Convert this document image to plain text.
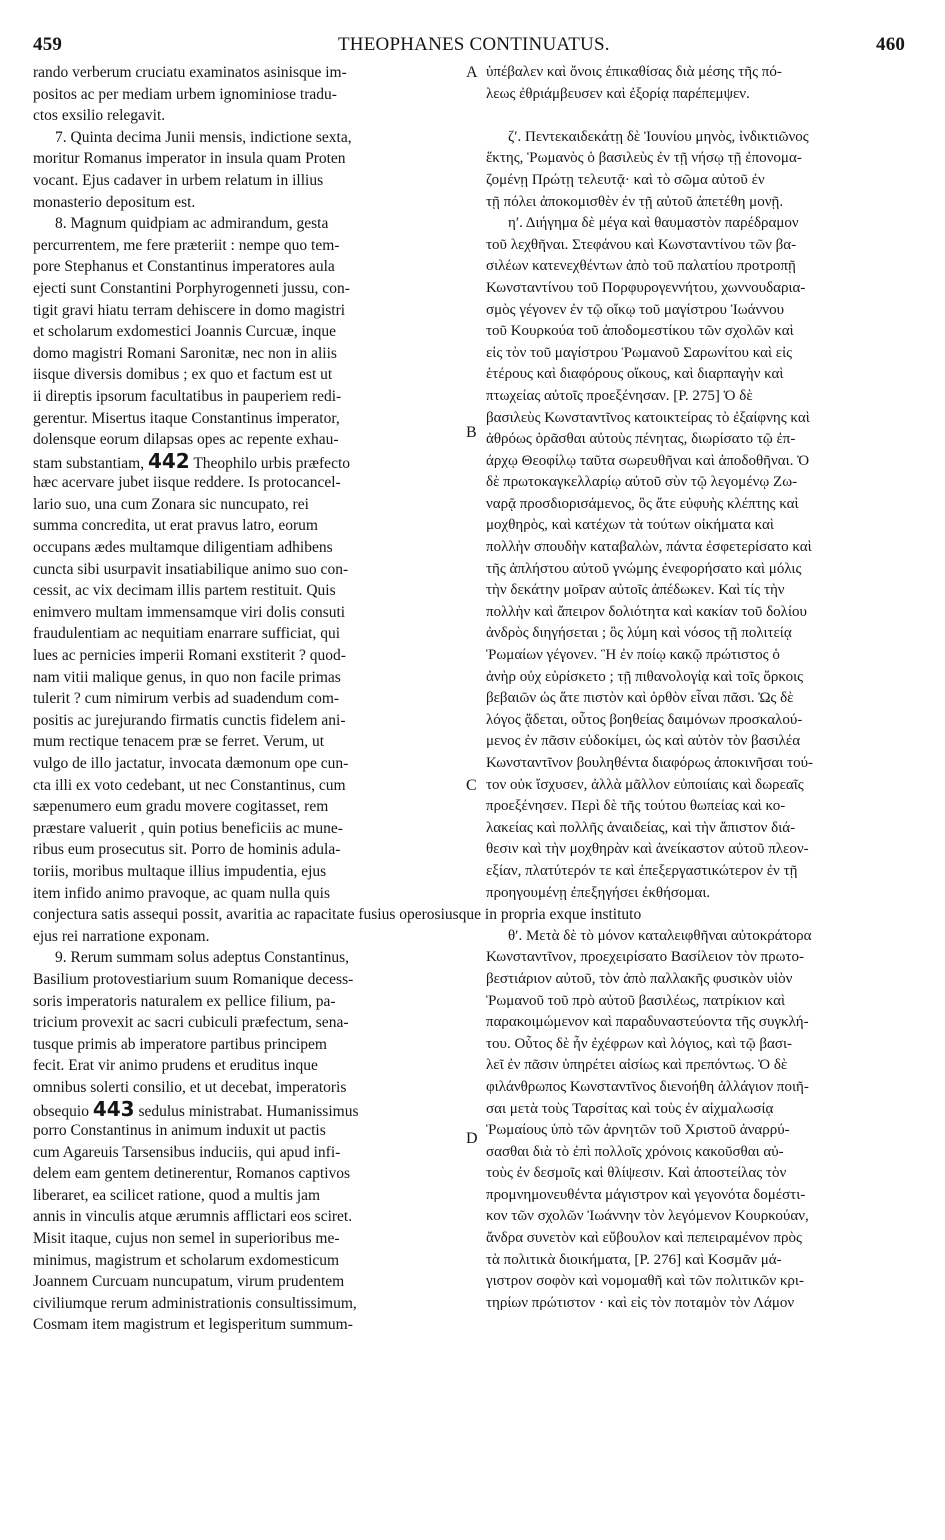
459	THEOPHANES CONTINUATUS.	460
A
B
C
D
rando verberum cruciatu examinatos asinisque im-
positos ac per mediam urbem ignominiose tradu-
ctos exsilio relegavit.
7. Quinta decima Junii mensis, indictione sexta,
moritur Romanus imperator in insula quam Proten
vocant. Ejus cadaver in urbem relatum in illius
monasterio depositum est.
8. Magnum quidpiam ac admirandum, gesta
percurrentem, me fere præteriit : nempe quo tem-
pore Stephanus et Constantinus imperatores aula
ejecti sunt Constantini Porphyrogenneti jussu, con-
tigit gravi hiatu terram dehiscere in domo magistri
et scholarum exdomestici Joannis Curcuæ, inque
domo magistri Romani Saronitæ, nec non in aliis
iisque diversis domibus ; ex quo et factum est ut
ii direptis ipsorum facultatibus in pauperiem redi-
gerentur. Misertus itaque Constantinus imperator,
dolensque eorum dilapsas opes ac repente exhau-
stam substantiam, 442 Theophilo urbis præfecto
hæc acervare jubet iisque reddere. Is protocancel-
lario suo, una cum Zonara sic nuncupato, rei
summa concredita, ut erat pravus latro, eorum
occupans ædes multamque diligentiam adhibens
cuncta sibi usurpavit insatiabilique animo suo con-
cessit, ac vix decimam illis partem restituit. Quis
enimvero multam immensamque viri dolis consuti
fraudulentiam ac nequitiam enarrare sufficiat, qui
lues ac pernicies imperii Romani exstiterit ? quod-
nam vitii malique genus, in quo non facile primas
tulerit ? cum nimirum verbis ad suadendum com-
positis ac jurejurando firmatis cunctis fidelem ani-
mum rectique tenacem præ se ferret. Verum, ut
vulgo de illo jactatur, invocata dæmonum ope cun-
cta illi ex voto cedebant, ut nec Constantinus, cum
sæpenumero eum gradu movere cogitasset, rem
præstare valuerit , quin potius beneficiis ac mune-
ribus eum prosecutus sit. Porro de hominis adula-
toriis, moribus multaque illius impudentia, ejus
item infido animo pravoque, ac quam nulla quis
conjectura satis assequi possit, avaritia ac rapacitate fusius operosiusque in propria exque instituto
ejus rei narratione exponam.
9. Rerum summam solus adeptus Constantinus,
Basilium protovestiarium suum Romanique decess-
soris imperatoris naturalem ex pellice filium, pa-
tricium provexit ac sacri cubiculi præfectum, sena-
tusque primis ab imperatore partibus principem
fecit. Erat vir animo prudens et eruditus inque
omnibus solerti consilio, et ut decebat, imperatoris
obsequio 443 sedulus ministrabat. Humanissimus
porro Constantinus in animum induxit ut pactis
cum Agareuis Tarsensibus induciis, qui apud infi-
delem eam gentem detinerentur, Romanos captivos
liberaret, ea scilicet ratione, quod a multis jam
annis in vinculis atque ærumnis afflictari eos sciret.
Misit itaque, cujus non semel in superioribus me-
minimus, magistrum et scholarum exdomesticum
Joannem Curcuam nuncupatum, virum prudentem
civiliumque rerum administrationis consultissimum,
Cosmam item magistrum et legisperitum summum-
ὑπέβαλεν καὶ ὄνοις ἐπικαθίσας διὰ μέσης τῆς πό-
λεως ἐθριάμβευσεν καὶ ἐξορίᾳ παρέπεμψεν.
ζʹ. Πεντεκαιδεκάτῃ δὲ Ἰουνίου μηνὸς, ἰνδικτιῶνος
ἕκτης, Ῥωμανὸς ὁ βασιλεὺς ἐν τῇ νήσῳ τῇ ἐπονομα-
ζομένῃ Πρώτῃ τελευτᾷ· καὶ τὸ σῶμα αὐτοῦ ἐν
τῇ πόλει ἀποκομισθὲν ἐν τῇ αὐτοῦ ἀπετέθη μονῇ.
ηʹ. Διήγημα δὲ μέγα καὶ θαυμαστὸν παρέδραμον
τοῦ λεχθῆναι. Στεφάνου καὶ Κωνσταντίνου τῶν βα-
σιλέων κατενεχθέντων ἀπὸ τοῦ παλατίου προτροπῇ
Κωνσταντίνου τοῦ Πορφυρογεννήτου, χωννουδαρια-
σμὸς γέγονεν ἐν τῷ οἴκῳ τοῦ μαγίστρου Ἰωάννου
τοῦ Κουρκούα τοῦ ἀποδομεστίκου τῶν σχολῶν καὶ
εἰς τὸν τοῦ μαγίστρου Ῥωμανοῦ Σαρωνίτου καὶ εἰς
ἑτέρους καὶ διαφόρους οἴκους, καὶ διαρπαγὴν καὶ
πτωχείας αὐτοῖς προεξένησαν. [P. 275] Ὁ δὲ
βασιλεὺς Κωνσταντῖνος κατοικτείρας τὸ ἐξαίφνης καὶ
ἀθρόως ὁρᾶσθαι αὐτοὺς πένητας, διωρίσατο τῷ ἐπ-
άρχῳ Θεοφίλῳ ταῦτα σωρευθῆναι καὶ ἀποδοθῆναι. Ὁ
δὲ πρωτοκαγκελλαρίῳ αὐτοῦ σὺν τῷ λεγομένῳ Ζω-
ναρᾷ προσδιορισάμενος, ὃς ἄτε εὐφυὴς κλέπτης καὶ
μοχθηρὸς, καὶ κατέχων τὰ τούτων οἰκήματα καὶ
πολλὴν σπουδὴν καταβαλὼν, πάντα ἐσφετερίσατο καὶ
τῆς ἀπλήστου αὐτοῦ γνώμης ἐνεφορήσατο καὶ μόλις
τὴν δεκάτην μοῖραν αὐτοῖς ἀπέδωκεν. Καὶ τίς τὴν
πολλὴν καὶ ἄπειρον δολιότητα καὶ κακίαν τοῦ δολίου
ἀνδρὸς διηγήσεται ; ὃς λύμη καὶ νόσος τῇ πολιτείᾳ
Ῥωμαίων γέγονεν. Ἣ ἐν ποίῳ κακῷ πρώτιστος ὁ
ἀνὴρ οὐχ εὑρίσκετο ; τῇ πιθανολογίᾳ καὶ τοῖς ὅρκοις
βεβαιῶν ὡς ἅτε πιστὸν καὶ ὀρθὸν εἶναι πᾶσι. Ὡς δὲ
λόγος ᾄδεται, οὗτος βοηθείας δαιμόνων προσκαλού-
μενος ἐν πᾶσιν εὐδοκίμει, ὡς καὶ αὐτὸν τὸν βασιλέα
Κωνσταντῖνον βουληθέντα διαφόρως ἀποκινῆσαι τού-
τον οὐκ ἴσχυσεν, ἀλλὰ μᾶλλον εὐποιίαις καὶ δωρεαῖς
προεξένησεν. Περὶ δὲ τῆς τούτου θωπείας καὶ κο-
λακείας καὶ πολλῆς ἀναιδείας, καὶ τὴν ἄπιστον διά-
θεσιν καὶ τὴν μοχθηρὰν καὶ ἀνείκαστον αὐτοῦ πλεον-
εξίαν, πλατύτερόν τε καὶ ἐπεξεργαστικώτερον ἐν τῇ
προηγουμένῃ ἐπεξηγήσει ἐκθήσομαι.
θʹ. Μετὰ δὲ τὸ μόνον καταλειφθῆναι αὐτοκράτορα
Κωνσταντῖνον, προεχειρίσατο Βασίλειον τὸν πρωτο-
βεστιάριον αὐτοῦ, τὸν ἀπὸ παλλακῆς φυσικὸν υἱὸν
Ῥωμανοῦ τοῦ πρὸ αὐτοῦ βασιλέως, πατρίκιον καὶ
παρακοιμώμενον καὶ παραδυναστεύοντα τῆς συγκλή-
του. Οὗτος δὲ ἦν ἐχέφρων καὶ λόγιος, καὶ τῷ βασι-
λεῖ ἐν πᾶσιν ὑπηρέτει αἰσίως καὶ πρεπόντως. Ὁ δὲ
φιλάνθρωπος Κωνσταντῖνος διενοήθη ἀλλάγιον ποιῆ-
σαι μετὰ τοὺς Ταρσίτας καὶ τοὺς ἐν αἰχμαλωσίᾳ
Ῥωμαίους ὑπὸ τῶν ἀρνητῶν τοῦ Χριστοῦ ἀναρρύ-
σασθαι διὰ τὸ ἐπὶ πολλοῖς χρόνοις κακοῦσθαι αὐ-
τοὺς ἐν δεσμοῖς καὶ θλίψεσιν. Καὶ ἀποστείλας τὸν
προμνημονευθέντα μάγιστρον καὶ γεγονότα δομέστι-
κον τῶν σχολῶν Ἰωάννην τὸν λεγόμενον Κουρκούαν,
ἄνδρα συνετὸν καὶ εὔβουλον καὶ πεπειραμένον πρὸς
τὰ πολιτικὰ διοικήματα, [P. 276] καὶ Κοσμᾶν μά-
γιστρον σοφὸν καὶ νομομαθῆ καὶ τῶν πολιτικῶν κρι-
τηρίων πρώτιστον · καὶ εἰς τὸν ποταμὸν τὸν Λάμον
